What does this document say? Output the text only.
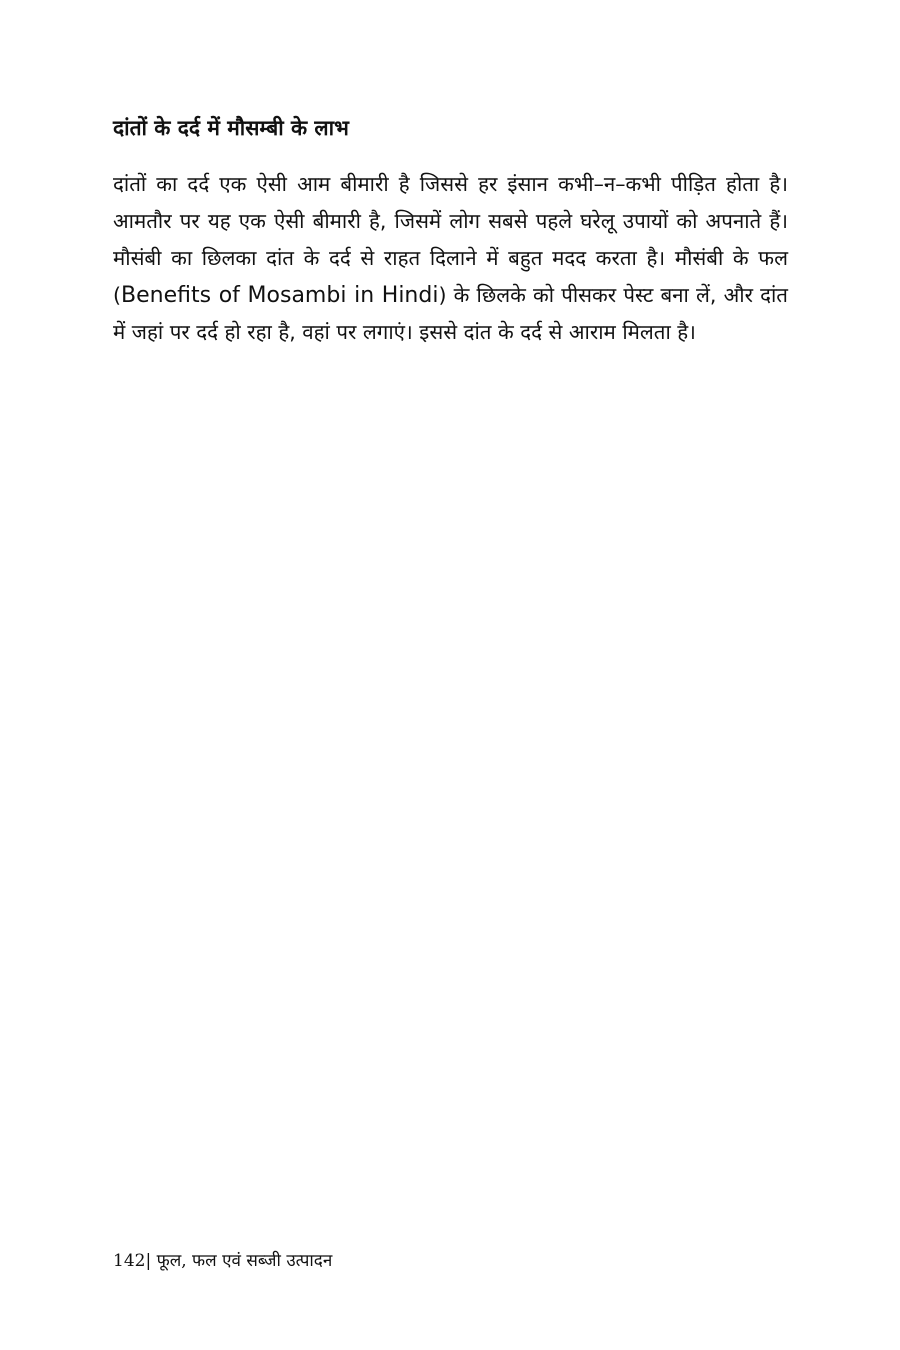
दांतों के दर्द में मौसम्बी के लाभ

दांतों का दर्द एक ऐसी आम बीमारी है जिससे हर इंसान कभी–न–कभी पीड़ित होता है। आमतौर पर यह एक ऐसी बीमारी है, जिसमें लोग सबसे पहले घरेलू उपायों को अपनाते हैं। मौसंबी का छिलका दांत के दर्द से राहत दिलाने में बहुत मदद करता है। मौसंबी के फल (Benefits of Mosambi in Hindi) के छिलके को पीसकर पेस्ट बना लें, और दांत में जहां पर दर्द हो रहा है, वहां पर लगाएं। इससे दांत के दर्द से आराम मिलता है।

142| फूल, फल एवं सब्जी उत्पादन
